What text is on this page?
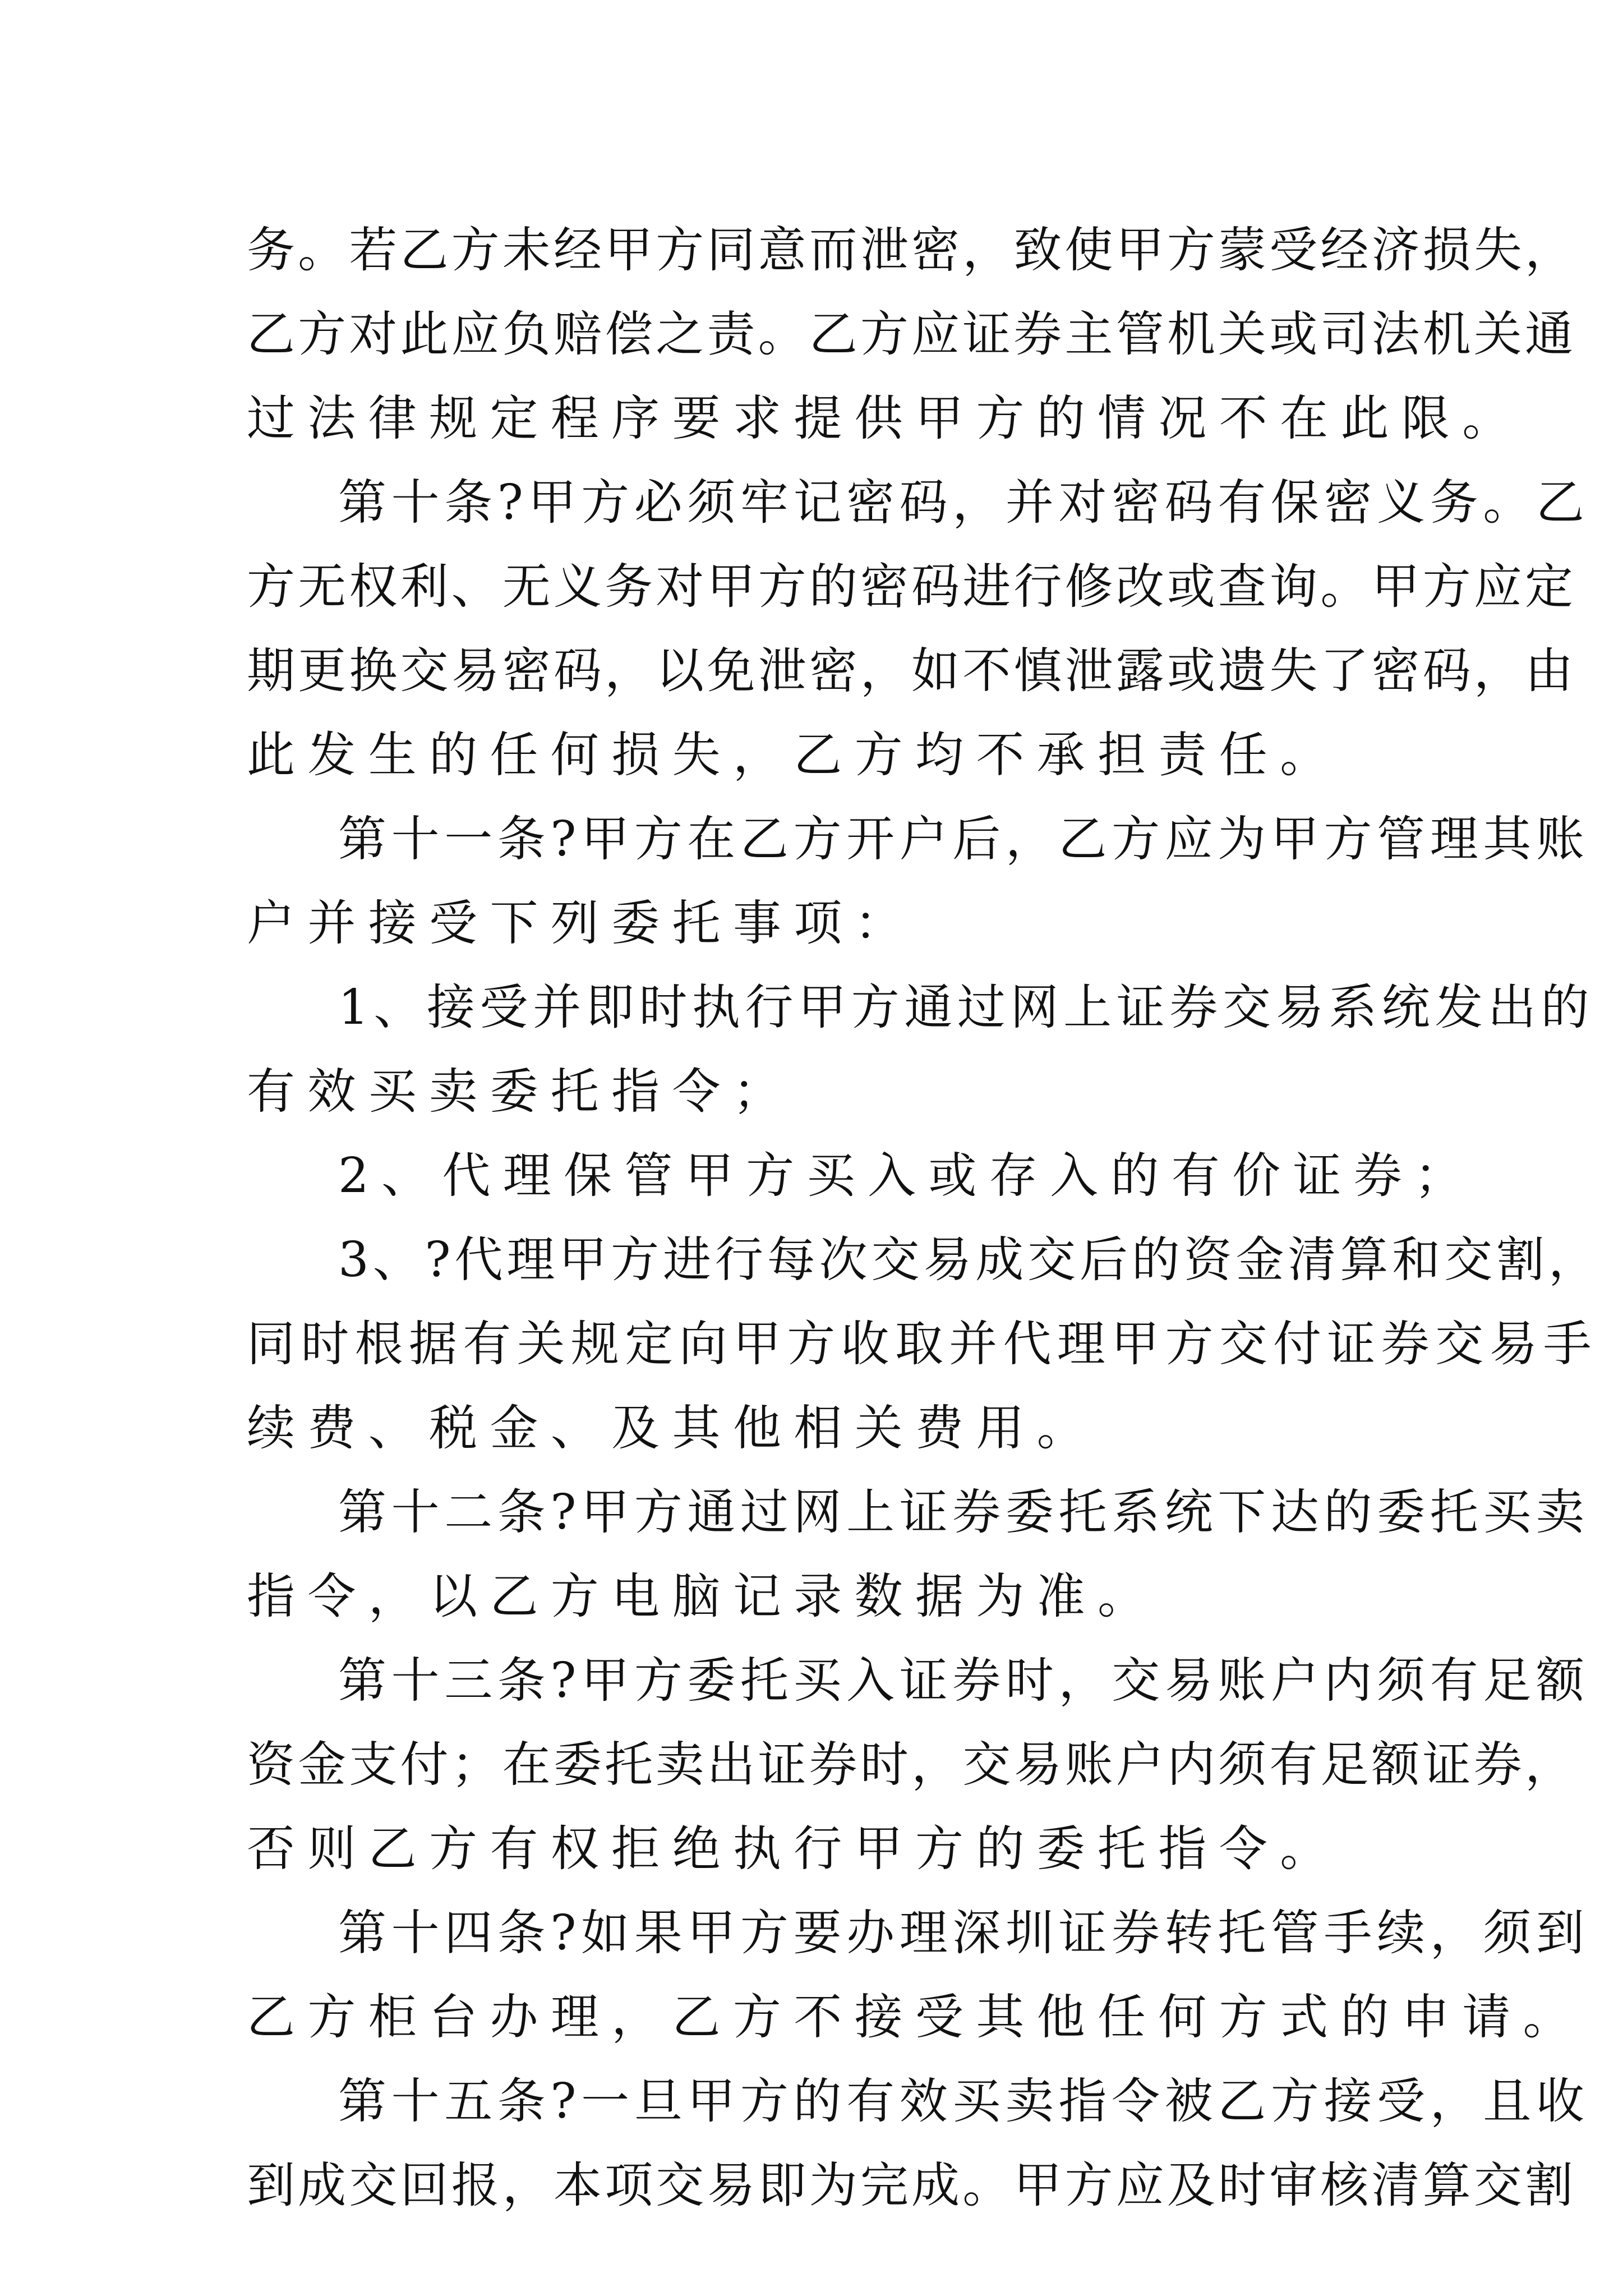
务。若乙方未经甲方同意而泄密，致使甲方蒙受经济损失，
乙方对此应负赔偿之责。乙方应证券主管机关或司法机关通
过法律规定程序要求提供甲方的情况不在此限。
第十条?甲方必须牢记密码，并对密码有保密义务。乙
方无权利、无义务对甲方的密码进行修改或查询。甲方应定
期更换交易密码，以免泄密，如不慎泄露或遗失了密码，由
此发生的任何损失，乙方均不承担责任。
第十一条?甲方在乙方开户后，乙方应为甲方管理其账
户并接受下列委托事项：
1、接受并即时执行甲方通过网上证券交易系统发出的
有效买卖委托指令；
2、代理保管甲方买入或存入的有价证券；
3、?代理甲方进行每次交易成交后的资金清算和交割，
同时根据有关规定向甲方收取并代理甲方交付证券交易手
续费、税金、及其他相关费用。
第十二条?甲方通过网上证券委托系统下达的委托买卖
指令，以乙方电脑记录数据为准。
第十三条?甲方委托买入证券时，交易账户内须有足额
资金支付；在委托卖出证券时，交易账户内须有足额证券，
否则乙方有权拒绝执行甲方的委托指令。
第十四条?如果甲方要办理深圳证券转托管手续，须到
乙方柜台办理，乙方不接受其他任何方式的申请。
第十五条?一旦甲方的有效买卖指令被乙方接受，且收
到成交回报，本项交易即为完成。甲方应及时审核清算交割
